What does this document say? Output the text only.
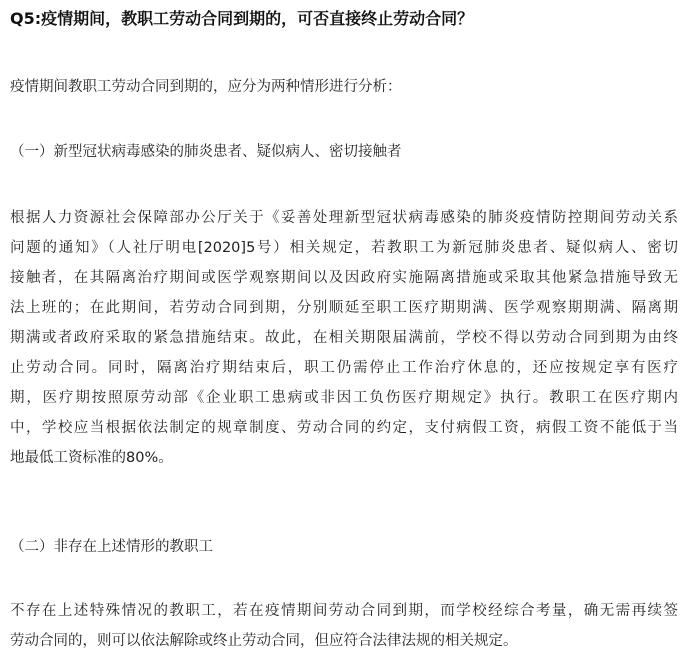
Q5:疫情期间，教职工劳动合同到期的，可否直接终止劳动合同？
疫情期间教职工劳动合同到期的，应分为两种情形进行分析：
（一）新型冠状病毒感染的肺炎患者、疑似病人、密切接触者
根据人力资源社会保障部办公厅关于《妥善处理新型冠状病毒感染的肺炎疫情防控期间劳动关系
问题的通知》（人社厅明电[2020]5号）相关规定，若教职工为新冠肺炎患者、疑似病人、密切
接触者，在其隔离治疗期间或医学观察期间以及因政府实施隔离措施或采取其他紧急措施导致无
法上班的；在此期间，若劳动合同到期，分别顺延至职工医疗期期满、医学观察期期满、隔离期
期满或者政府采取的紧急措施结束。故此，在相关期限届满前，学校不得以劳动合同到期为由终
止劳动合同。同时，隔离治疗期结束后，职工仍需停止工作治疗休息的，还应按规定享有医疗
期，医疗期按照原劳动部《企业职工患病或非因工负伤医疗期规定》执行。教职工在医疗期内
中，学校应当根据依法制定的规章制度、劳动合同的约定，支付病假工资，病假工资不能低于当
地最低工资标准的80%。
（二）非存在上述情形的教职工
不存在上述特殊情况的教职工，若在疫情期间劳动合同到期，而学校经综合考量，确无需再续签
劳动合同的，则可以依法解除或终止劳动合同，但应符合法律法规的相关规定。
